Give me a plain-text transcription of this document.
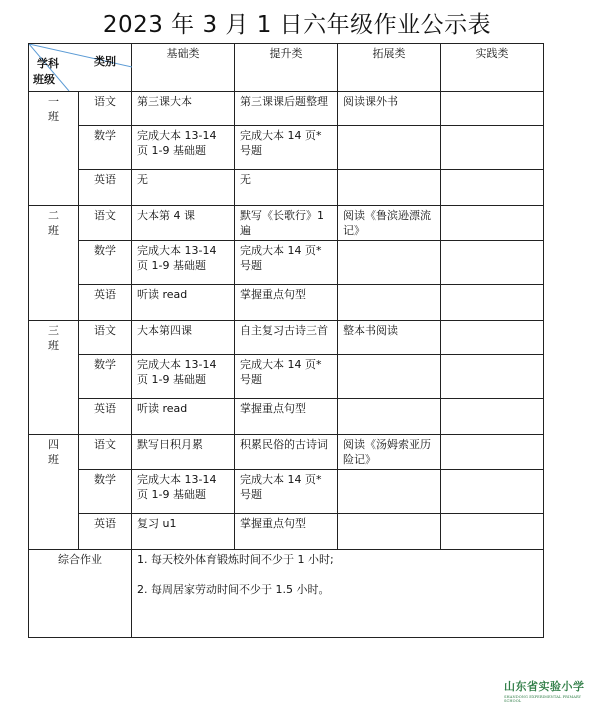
2023 年 3 月 1 日六年级作业公示表
类别
学科
班级		基础类	提升类	拓展类	实践类
一
班	语文	第三课大本	第三课课后题整理	阅读课外书	
	数学	完成大本 13-14 页 1-9 基础题	完成大本 14 页*号题		
	英语	无	无		
二
班	语文	大本第 4 课	默写《长歌行》1 遍	阅读《鲁滨逊漂流记》	
	数学	完成大本 13-14 页 1-9 基础题	完成大本 14 页*号题		
	英语	听读 read	掌握重点句型		
三
班	语文	大本第四课	自主复习古诗三首	整本书阅读	
	数学	完成大本 13-14 页 1-9 基础题	完成大本 14 页*号题		
	英语	听读 read	掌握重点句型		
四
班	语文	默写日积月累	积累民俗的古诗词	阅读《汤姆索亚历险记》	
	数学	完成大本 13-14 页 1-9 基础题	完成大本 14 页*号题		
	英语	复习 u1	掌握重点句型		
综合作业		1. 每天校外体育锻炼时间不少于 1 小时;

2. 每周居家劳动时间不少于 1.5 小时。			

山东省实验小学
SHANDONG EXPERIMENTAL PRIMARY SCHOOL
